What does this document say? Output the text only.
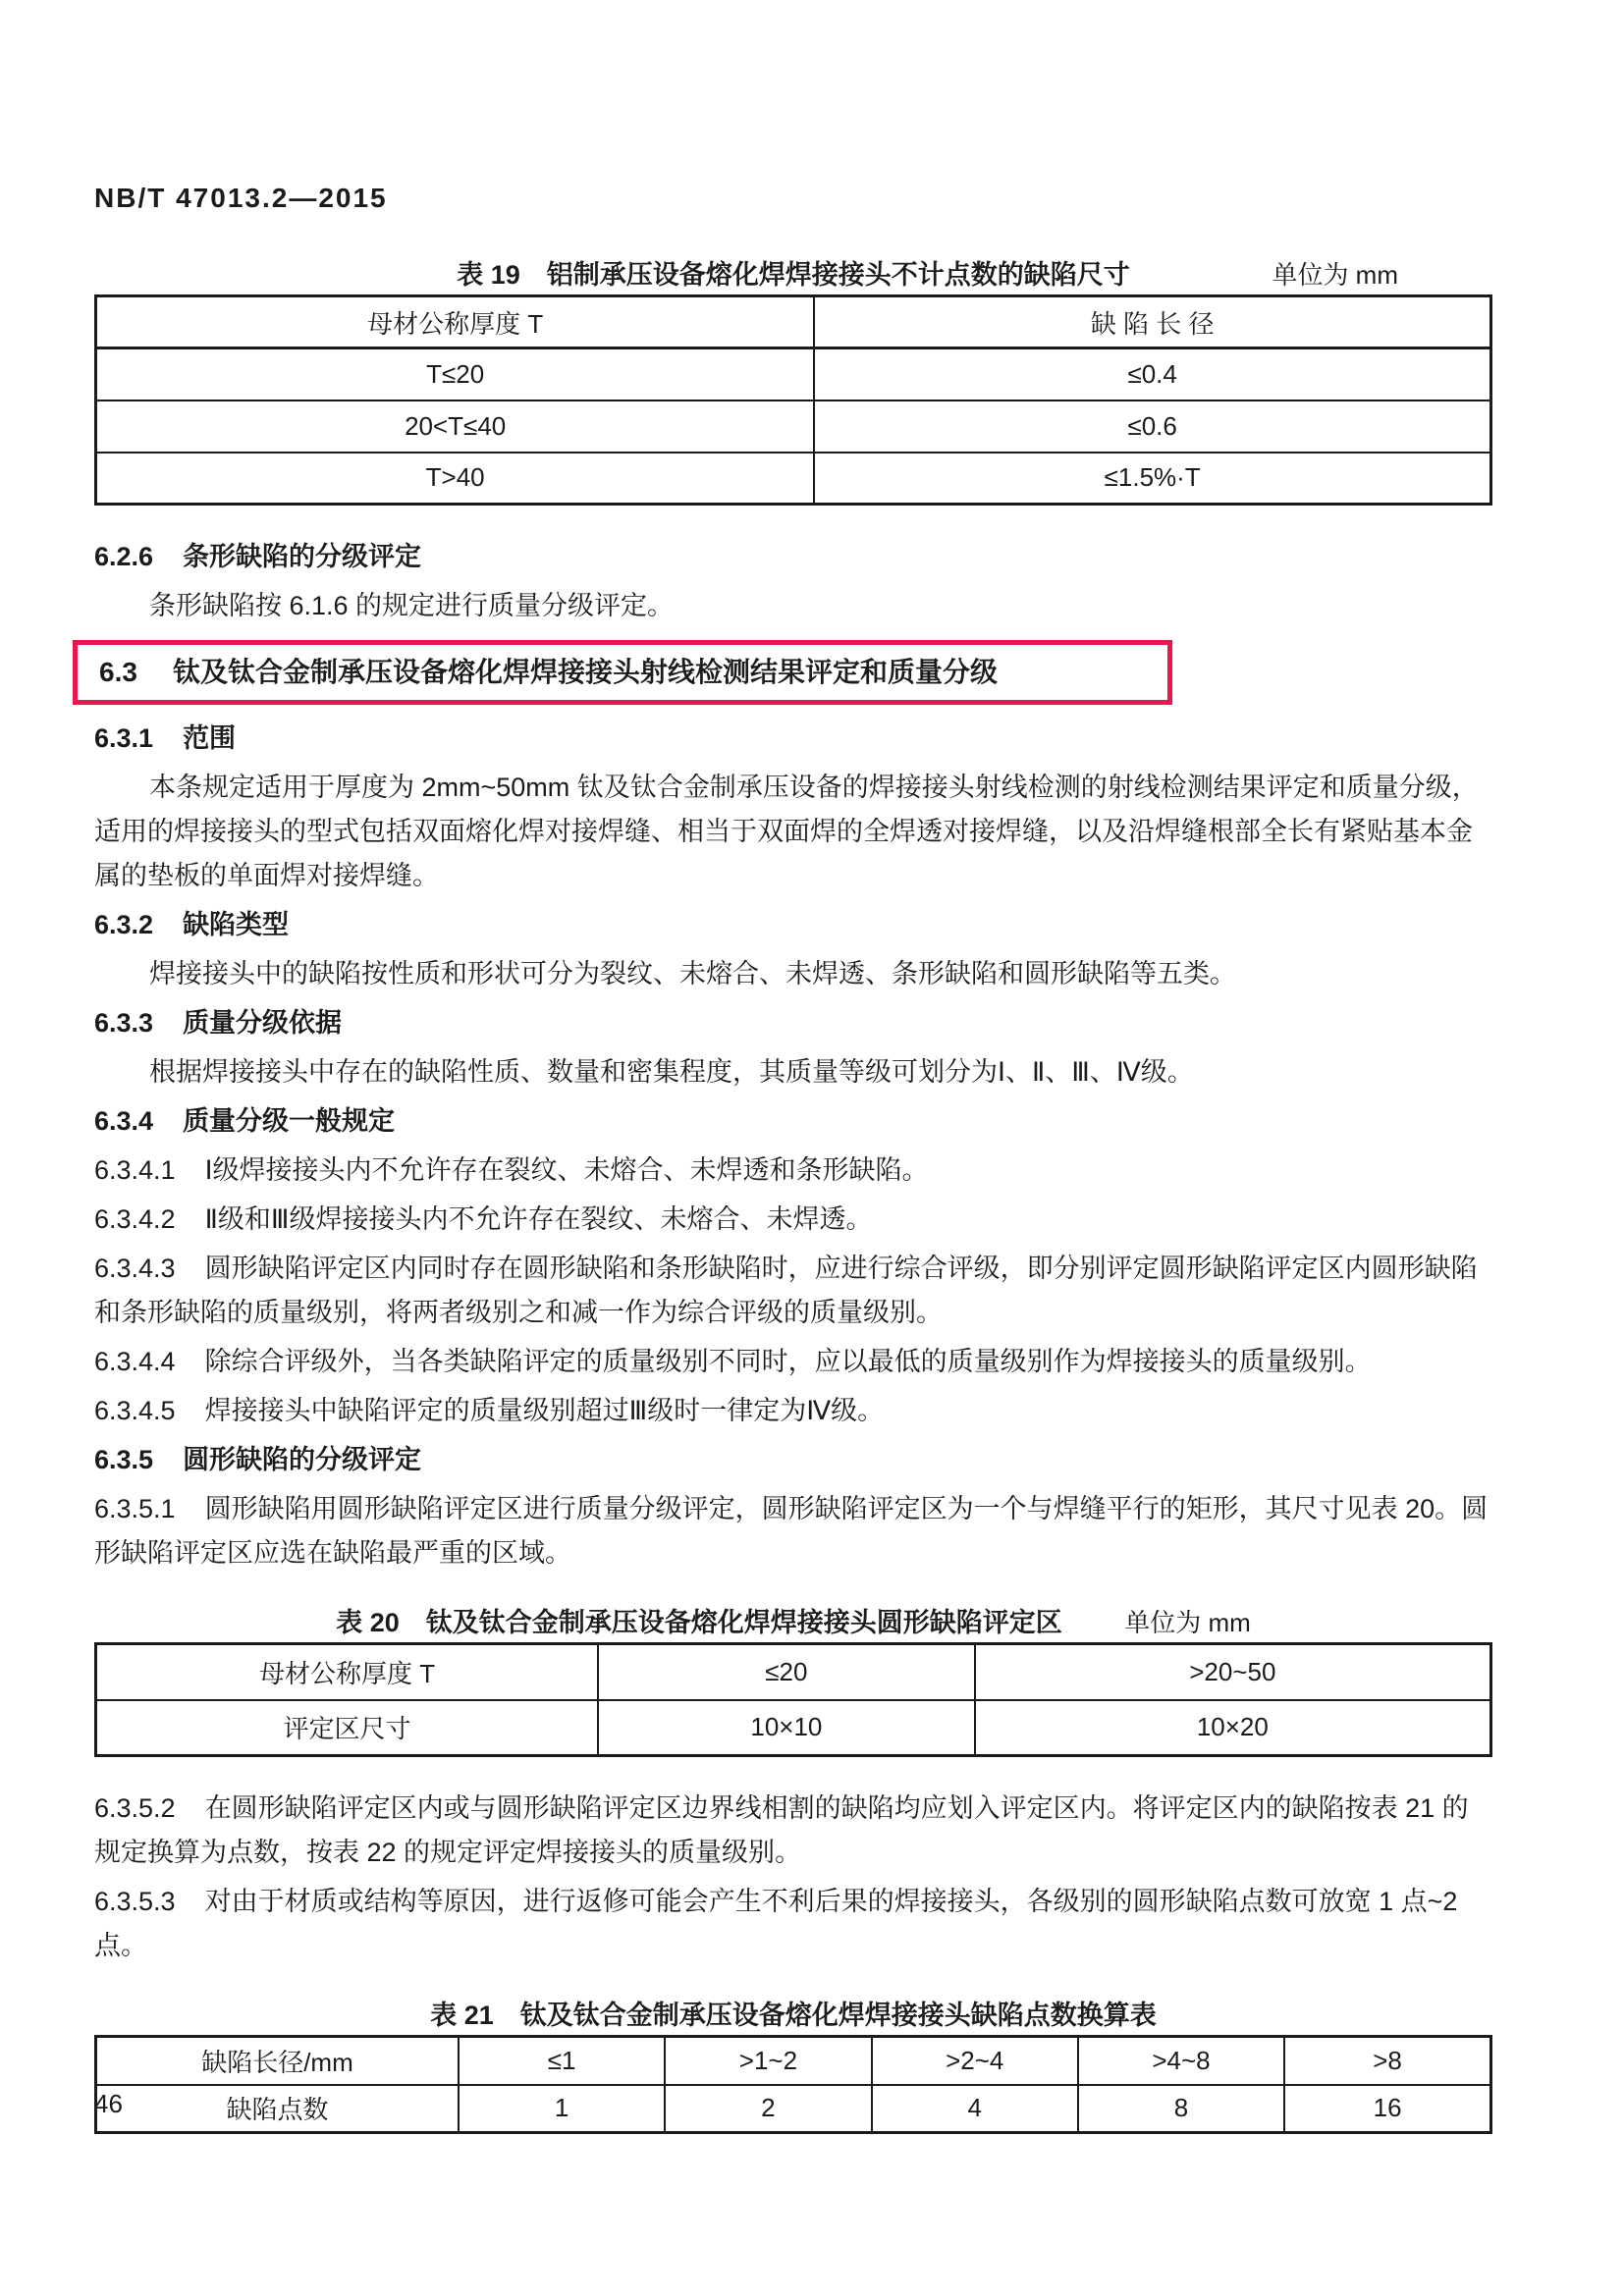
NB/T 47013.2—2015
表 19　铝制承压设备熔化焊焊接接头不计点数的缺陷尺寸	单位为 mm
母材公称厚度 T	缺 陷 长 径
T≤20	≤0.4
20<T≤40	≤0.6
T>40	≤1.5%·T

6.2.6 条形缺陷的分级评定

条形缺陷按 6.1.6 的规定进行质量分级评定。

6.3 钛及钛合金制承压设备熔化焊焊接接头射线检测结果评定和质量分级

6.3.1 范围

本条规定适用于厚度为 2mm~50mm 钛及钛合金制承压设备的焊接接头射线检测的射线检测结果评定和质量分级，适用的焊接接头的型式包括双面熔化焊对接焊缝、相当于双面焊的全焊透对接焊缝，以及沿焊缝根部全长有紧贴基本金属的垫板的单面焊对接焊缝。

6.3.2 缺陷类型

焊接接头中的缺陷按性质和形状可分为裂纹、未熔合、未焊透、条形缺陷和圆形缺陷等五类。

6.3.3 质量分级依据

根据焊接接头中存在的缺陷性质、数量和密集程度，其质量等级可划分为Ⅰ、Ⅱ、Ⅲ、Ⅳ级。

6.3.4 质量分级一般规定

6.3.4.1 Ⅰ级焊接接头内不允许存在裂纹、未熔合、未焊透和条形缺陷。

6.3.4.2 Ⅱ级和Ⅲ级焊接接头内不允许存在裂纹、未熔合、未焊透。

6.3.4.3 圆形缺陷评定区内同时存在圆形缺陷和条形缺陷时，应进行综合评级，即分别评定圆形缺陷评定区内圆形缺陷和条形缺陷的质量级别，将两者级别之和减一作为综合评级的质量级别。

6.3.4.4 除综合评级外，当各类缺陷评定的质量级别不同时，应以最低的质量级别作为焊接接头的质量级别。

6.3.4.5 焊接接头中缺陷评定的质量级别超过Ⅲ级时一律定为Ⅳ级。

6.3.5 圆形缺陷的分级评定

6.3.5.1 圆形缺陷用圆形缺陷评定区进行质量分级评定，圆形缺陷评定区为一个与焊缝平行的矩形，其尺寸见表 20。圆形缺陷评定区应选在缺陷最严重的区域。

表 20　钛及钛合金制承压设备熔化焊焊接接头圆形缺陷评定区 单位为 mm
母材公称厚度 T	≤20	>20~50
评定区尺寸	10×10	10×20

6.3.5.2 在圆形缺陷评定区内或与圆形缺陷评定区边界线相割的缺陷均应划入评定区内。将评定区内的缺陷按表 21 的规定换算为点数，按表 22 的规定评定焊接接头的质量级别。

6.3.5.3 对由于材质或结构等原因，进行返修可能会产生不利后果的焊接接头，各级别的圆形缺陷点数可放宽 1 点~2 点。

表 21　钛及钛合金制承压设备熔化焊焊接接头缺陷点数换算表
缺陷长径/mm	≤1	>1~2	>2~4	>4~8	>8
缺陷点数	1	2	4	8	16
46
